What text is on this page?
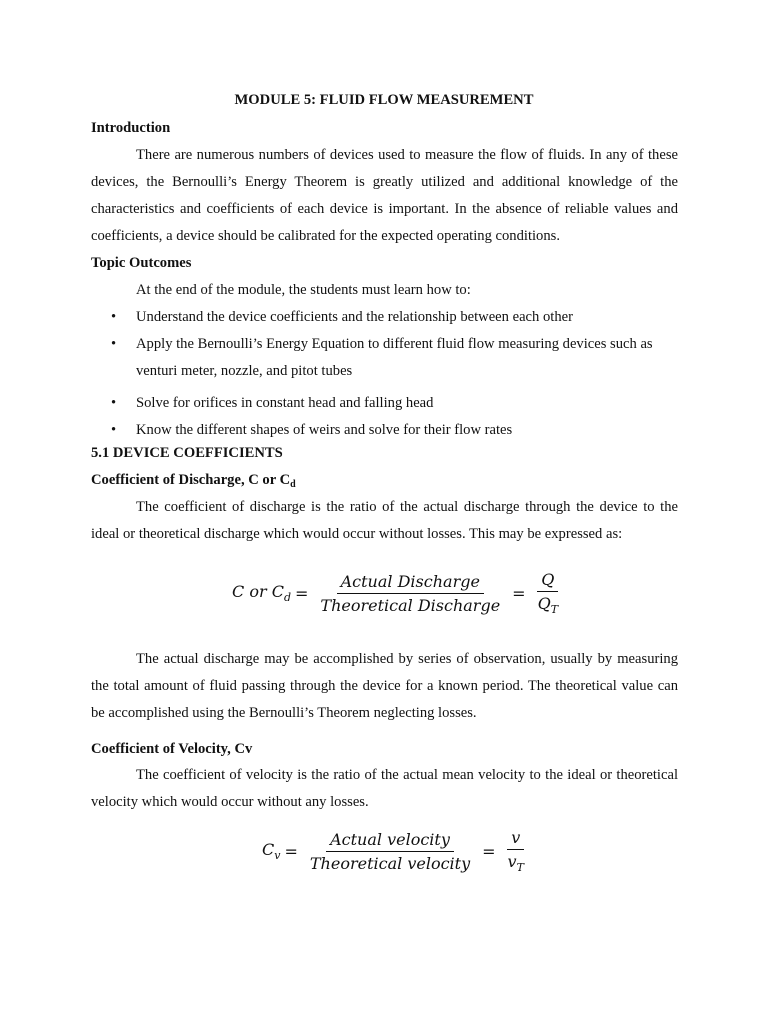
MODULE 5: FLUID FLOW MEASUREMENT
Introduction
There are numerous numbers of devices used to measure the flow of fluids. In any of these devices, the Bernoulli’s Energy Theorem is greatly utilized and additional knowledge of the characteristics and coefficients of each device is important. In the absence of reliable values and coefficients, a device should be calibrated for the expected operating conditions.
Topic Outcomes
At the end of the module, the students must learn how to:
• Understand the device coefficients and the relationship between each other
• Apply the Bernoulli’s Energy Equation to different fluid flow measuring devices such as venturi meter, nozzle, and pitot tubes
• Solve for orifices in constant head and falling head
• Know the different shapes of weirs and solve for their flow rates
5.1 DEVICE COEFFICIENTS
Coefficient of Discharge, C or $C_d$
The coefficient of discharge is the ratio of the actual discharge through the device to the ideal or theoretical discharge which would occur without losses. This may be expressed as:
C or $C_d = \frac{\text{Actual Discharge}}{\text{Theoretical Discharge}} = \frac{Q}{Q_T}$
The actual discharge may be accomplished by series of observation, usually by measuring the total amount of fluid passing through the device for a known period. The theoretical value can be accomplished using the Bernoulli’s Theorem neglecting losses.
Coefficient of Velocity, Cv
The coefficient of velocity is the ratio of the actual mean velocity to the ideal or theoretical velocity which would occur without any losses.
$C_v = \frac{\text{Actual velocity}}{\text{Theoretical velocity}} = \frac{v}{v_T}$
